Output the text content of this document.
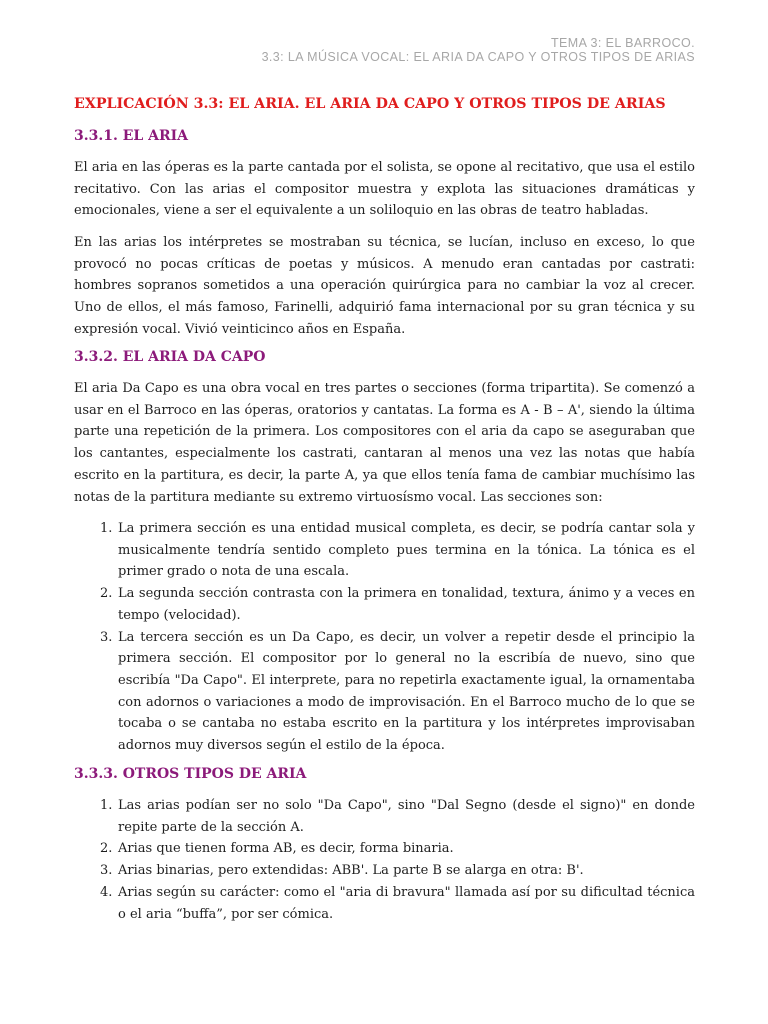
TEMA 3: EL BARROCO.
3.3: LA MÚSICA VOCAL: EL ARIA DA CAPO Y OTROS TIPOS DE ARIAS
EXPLICACIÓN 3.3: EL ARIA. EL ARIA DA CAPO Y OTROS TIPOS DE ARIAS
3.3.1. EL ARIA

El aria en las óperas es la parte cantada por el solista, se opone al recitativo, que usa el estilo recitativo. Con las arias el compositor muestra y explota las situaciones dramáticas y emocionales, viene a ser el equivalente a un soliloquio en las obras de teatro habladas.

En las arias los intérpretes se mostraban su técnica, se lucían, incluso en exceso, lo que provocó no pocas críticas de poetas y músicos. A menudo eran cantadas por castrati: hombres sopranos sometidos a una operación quirúrgica para no cambiar la voz al crecer. Uno de ellos, el más famoso, Farinelli, adquirió fama internacional por su gran técnica y su expresión vocal. Vivió veinticinco años en España.

3.3.2. EL ARIA DA CAPO

El aria Da Capo es una obra vocal en tres partes o secciones (forma tripartita). Se comenzó a usar en el Barroco en las óperas, oratorios y cantatas. La forma es A - B – A', siendo la última parte una repetición de la primera. Los compositores con el aria da capo se aseguraban que los cantantes, especialmente los castrati, cantaran al menos una vez las notas que había escrito en la partitura, es decir, la parte A, ya que ellos tenía fama de cambiar muchísimo las notas de la partitura mediante su extremo virtuosísmo vocal. Las secciones son:

1. La primera sección es una entidad musical completa, es decir, se podría cantar sola y musicalmente tendría sentido completo pues termina en la tónica. La tónica es el primer grado o nota de una escala.
2. La segunda sección contrasta con la primera en tonalidad, textura, ánimo y a veces en tempo (velocidad).
3. La tercera sección es un Da Capo, es decir, un volver a repetir desde el principio la primera sección. El compositor por lo general no la escribía de nuevo, sino que escribía "Da Capo". El interprete, para no repetirla exactamente igual, la ornamentaba con adornos o variaciones a modo de improvisación. En el Barroco mucho de lo que se tocaba o se cantaba no estaba escrito en la partitura y los intérpretes improvisaban adornos muy diversos según el estilo de la época.
3.3.3. OTROS TIPOS DE ARIA
1. Las arias podían ser no solo "Da Capo", sino "Dal Segno (desde el signo)" en donde repite parte de la sección A.
2. Arias que tienen forma AB, es decir, forma binaria.
3. Arias binarias, pero extendidas: ABB'. La parte B se alarga en otra: B'.
4. Arias según su carácter: como el "aria di bravura" llamada así por su dificultad técnica o el aria “buffa”, por ser cómica.
